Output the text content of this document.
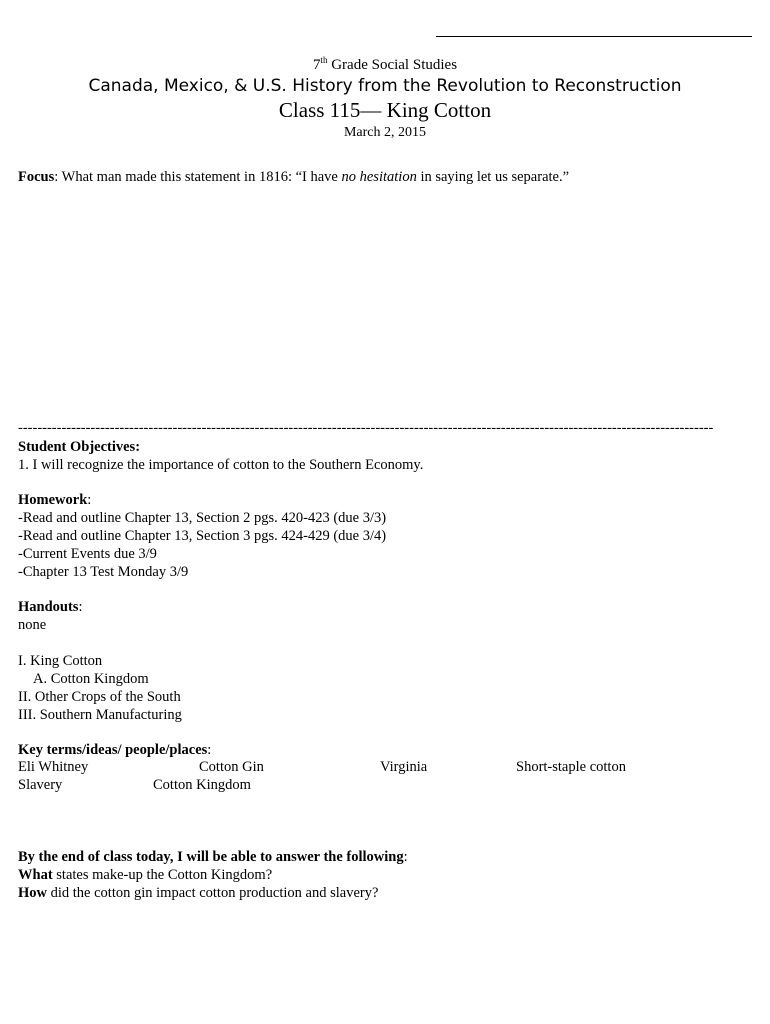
7th Grade Social Studies
Canada, Mexico, & U.S. History from the Revolution to Reconstruction
Class 115— King Cotton
March 2, 2015
Focus: What man made this statement in 1816: “I have no hesitation in saying let us separate.”
------------------------------------------------------------------------------------------------------------------------------------------------
Student Objectives:
1. I will recognize the importance of cotton to the Southern Economy.
Homework:
-Read and outline Chapter 13, Section 2 pgs. 420-423 (due 3/3)
-Read and outline Chapter 13, Section 3 pgs. 424-429 (due 3/4)
-Current Events due 3/9
-Chapter 13 Test Monday 3/9
Handouts:
none
I. King Cotton
A. Cotton Kingdom
II. Other Crops of the South
III. Southern Manufacturing
Key terms/ideas/ people/places:
Eli Whitney	Cotton Gin	Virginia	Short-staple cotton
Slavery	Cotton Kingdom
By the end of class today, I will be able to answer the following:
What states make-up the Cotton Kingdom?
How did the cotton gin impact cotton production and slavery?
